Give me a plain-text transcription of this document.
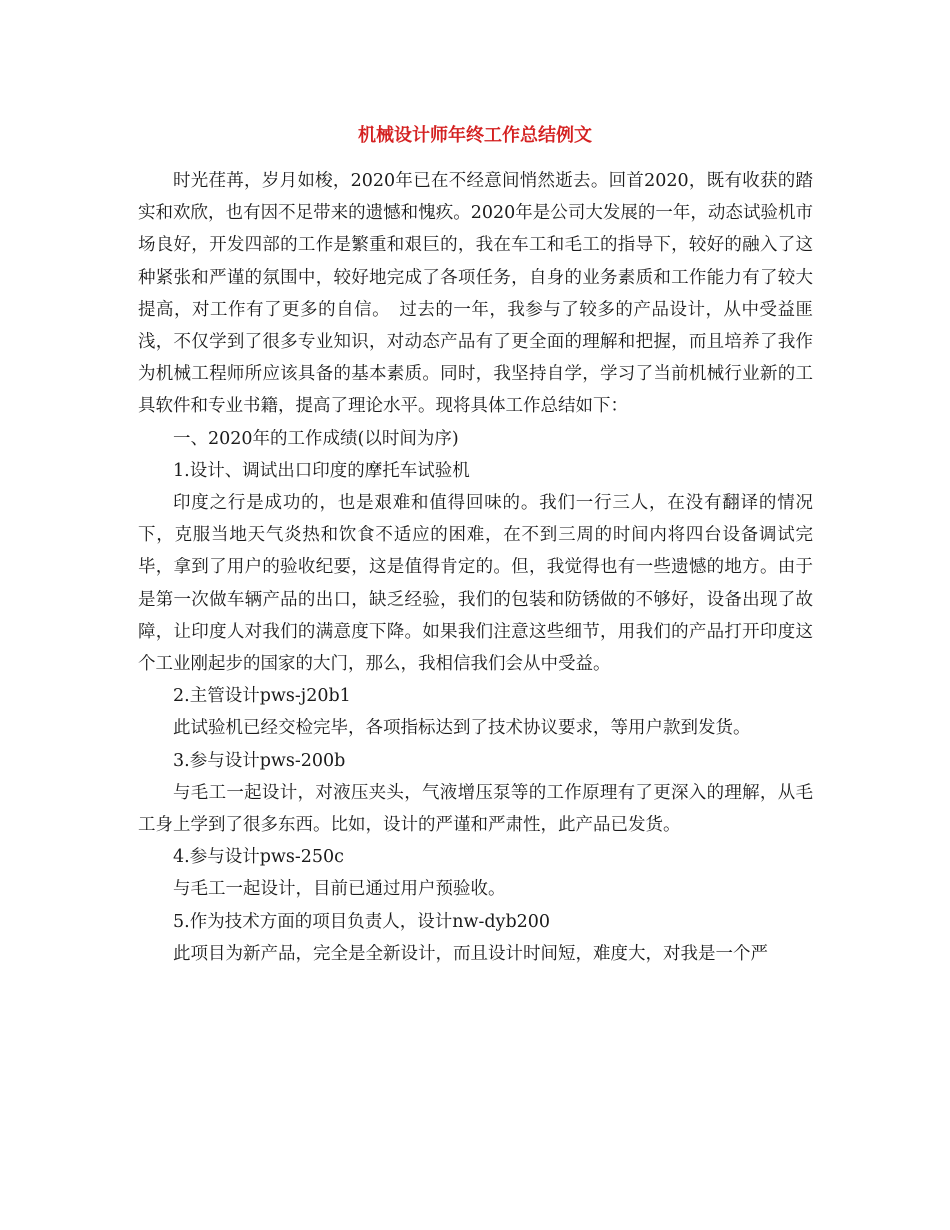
机械设计师年终工作总结例文

时光荏苒，岁月如梭，2020年已在不经意间悄然逝去。回首2020，既有收获的踏实和欢欣，也有因不足带来的遗憾和愧疚。2020年是公司大发展的一年，动态试验机市场良好，开发四部的工作是繁重和艰巨的，我在车工和毛工的指导下，较好的融入了这种紧张和严谨的氛围中，较好地完成了各项任务，自身的业务素质和工作能力有了较大提高，对工作有了更多的自信。　过去的一年，我参与了较多的产品设计，从中受益匪浅，不仅学到了很多专业知识，对动态产品有了更全面的理解和把握，而且培养了我作为机械工程师所应该具备的基本素质。同时，我坚持自学，学习了当前机械行业新的工具软件和专业书籍，提高了理论水平。现将具体工作总结如下：

一、2020年的工作成绩(以时间为序)

1.设计、调试出口印度的摩托车试验机

印度之行是成功的，也是艰难和值得回味的。我们一行三人，在没有翻译的情况下，克服当地天气炎热和饮食不适应的困难，在不到三周的时间内将四台设备调试完毕，拿到了用户的验收纪要，这是值得肯定的。但，我觉得也有一些遗憾的地方。由于是第一次做车辆产品的出口，缺乏经验，我们的包装和防锈做的不够好，设备出现了故障，让印度人对我们的满意度下降。如果我们注意这些细节，用我们的产品打开印度这个工业刚起步的国家的大门，那么，我相信我们会从中受益。

2.主管设计pws-j20b1

此试验机已经交检完毕，各项指标达到了技术协议要求，等用户款到发货。

3.参与设计pws-200b

与毛工一起设计，对液压夹头，气液增压泵等的工作原理有了更深入的理解，从毛工身上学到了很多东西。比如，设计的严谨和严肃性，此产品已发货。

4.参与设计pws-250c

与毛工一起设计，目前已通过用户预验收。

5.作为技术方面的项目负责人，设计nw-dyb200

此项目为新产品，完全是全新设计，而且设计时间短，难度大，对我是一个严
